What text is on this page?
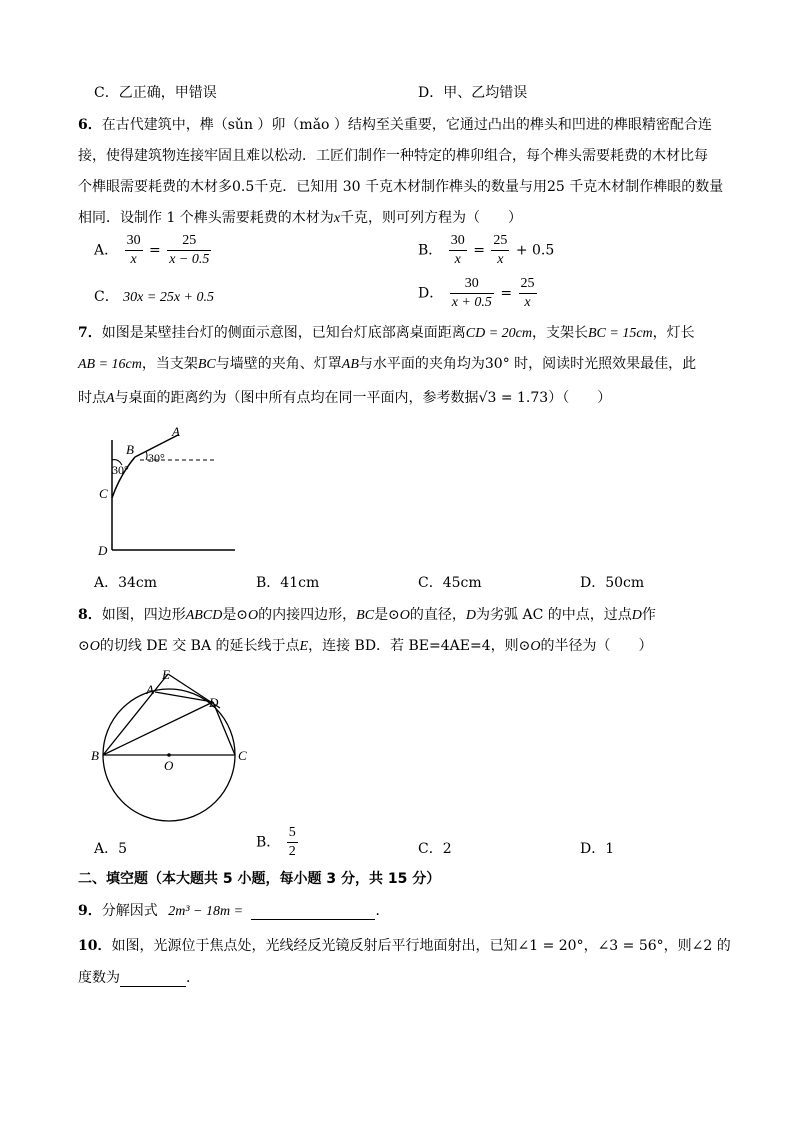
C．乙正确，甲错误	D．甲、乙均错误
6．在古代建筑中，榫（sǔn ）卯（mǎo ）结构至关重要，它通过凸出的榫头和凹进的榫眼精密配合连
接，使得建筑物连接牢固且难以松动．工匠们制作一种特定的榫卯组合，每个榫头需要耗费的木材比每
个榫眼需要耗费的木材多0.5千克．已知用 30 千克木材制作榫头的数量与用25 千克木材制作榫眼的数量
相同．设制作 1 个榫头需要耗费的木材为x千克，则可列方程为（　　）
A． $\frac{30}{x} = \frac{25}{x - 0.5}$	B． $\frac{30}{x} = \frac{25}{x} + 0.5$
C． 30x = 25x + 0.5	D． $\frac{30}{x + 0.5} = \frac{25}{x}$
7．如图是某壁挂台灯的侧面示意图，已知台灯底部离桌面距离CD = 20cm，支架长BC = 15cm，灯长
AB = 16cm，当支架BC与墙壁的夹角、灯罩AB与水平面的夹角均为30° 时，阅读时光照效果最佳，此
时点A与桌面的距离约为（图中所有点均在同一平面内，参考数据√3 = 1.73）（　　）
A
B
C
D
30°
30°
A．34cm	B．41cm	C．45cm	D．50cm
8．如图，四边形ABCD是⊙O的内接四边形，BC是⊙O的直径，D为劣弧 AC 的中点，过点D作
⊙O的切线 DE 交 BA 的延长线于点E，连接 BD．若 BE=4AE=4，则⊙O的半径为（　　）
E
A
D
B
O
C
A．5	B． $\frac{5}{2}$	C．2	D．1
二、填空题（本大题共 5 小题，每小题 3 分，共 15 分）
9．分解因式 2m³ − 18m =	．
10．如图，光源位于焦点处，光线经反光镜反射后平行地面射出，已知∠1 = 20°，∠3 = 56°，则∠2 的
度数为	．
